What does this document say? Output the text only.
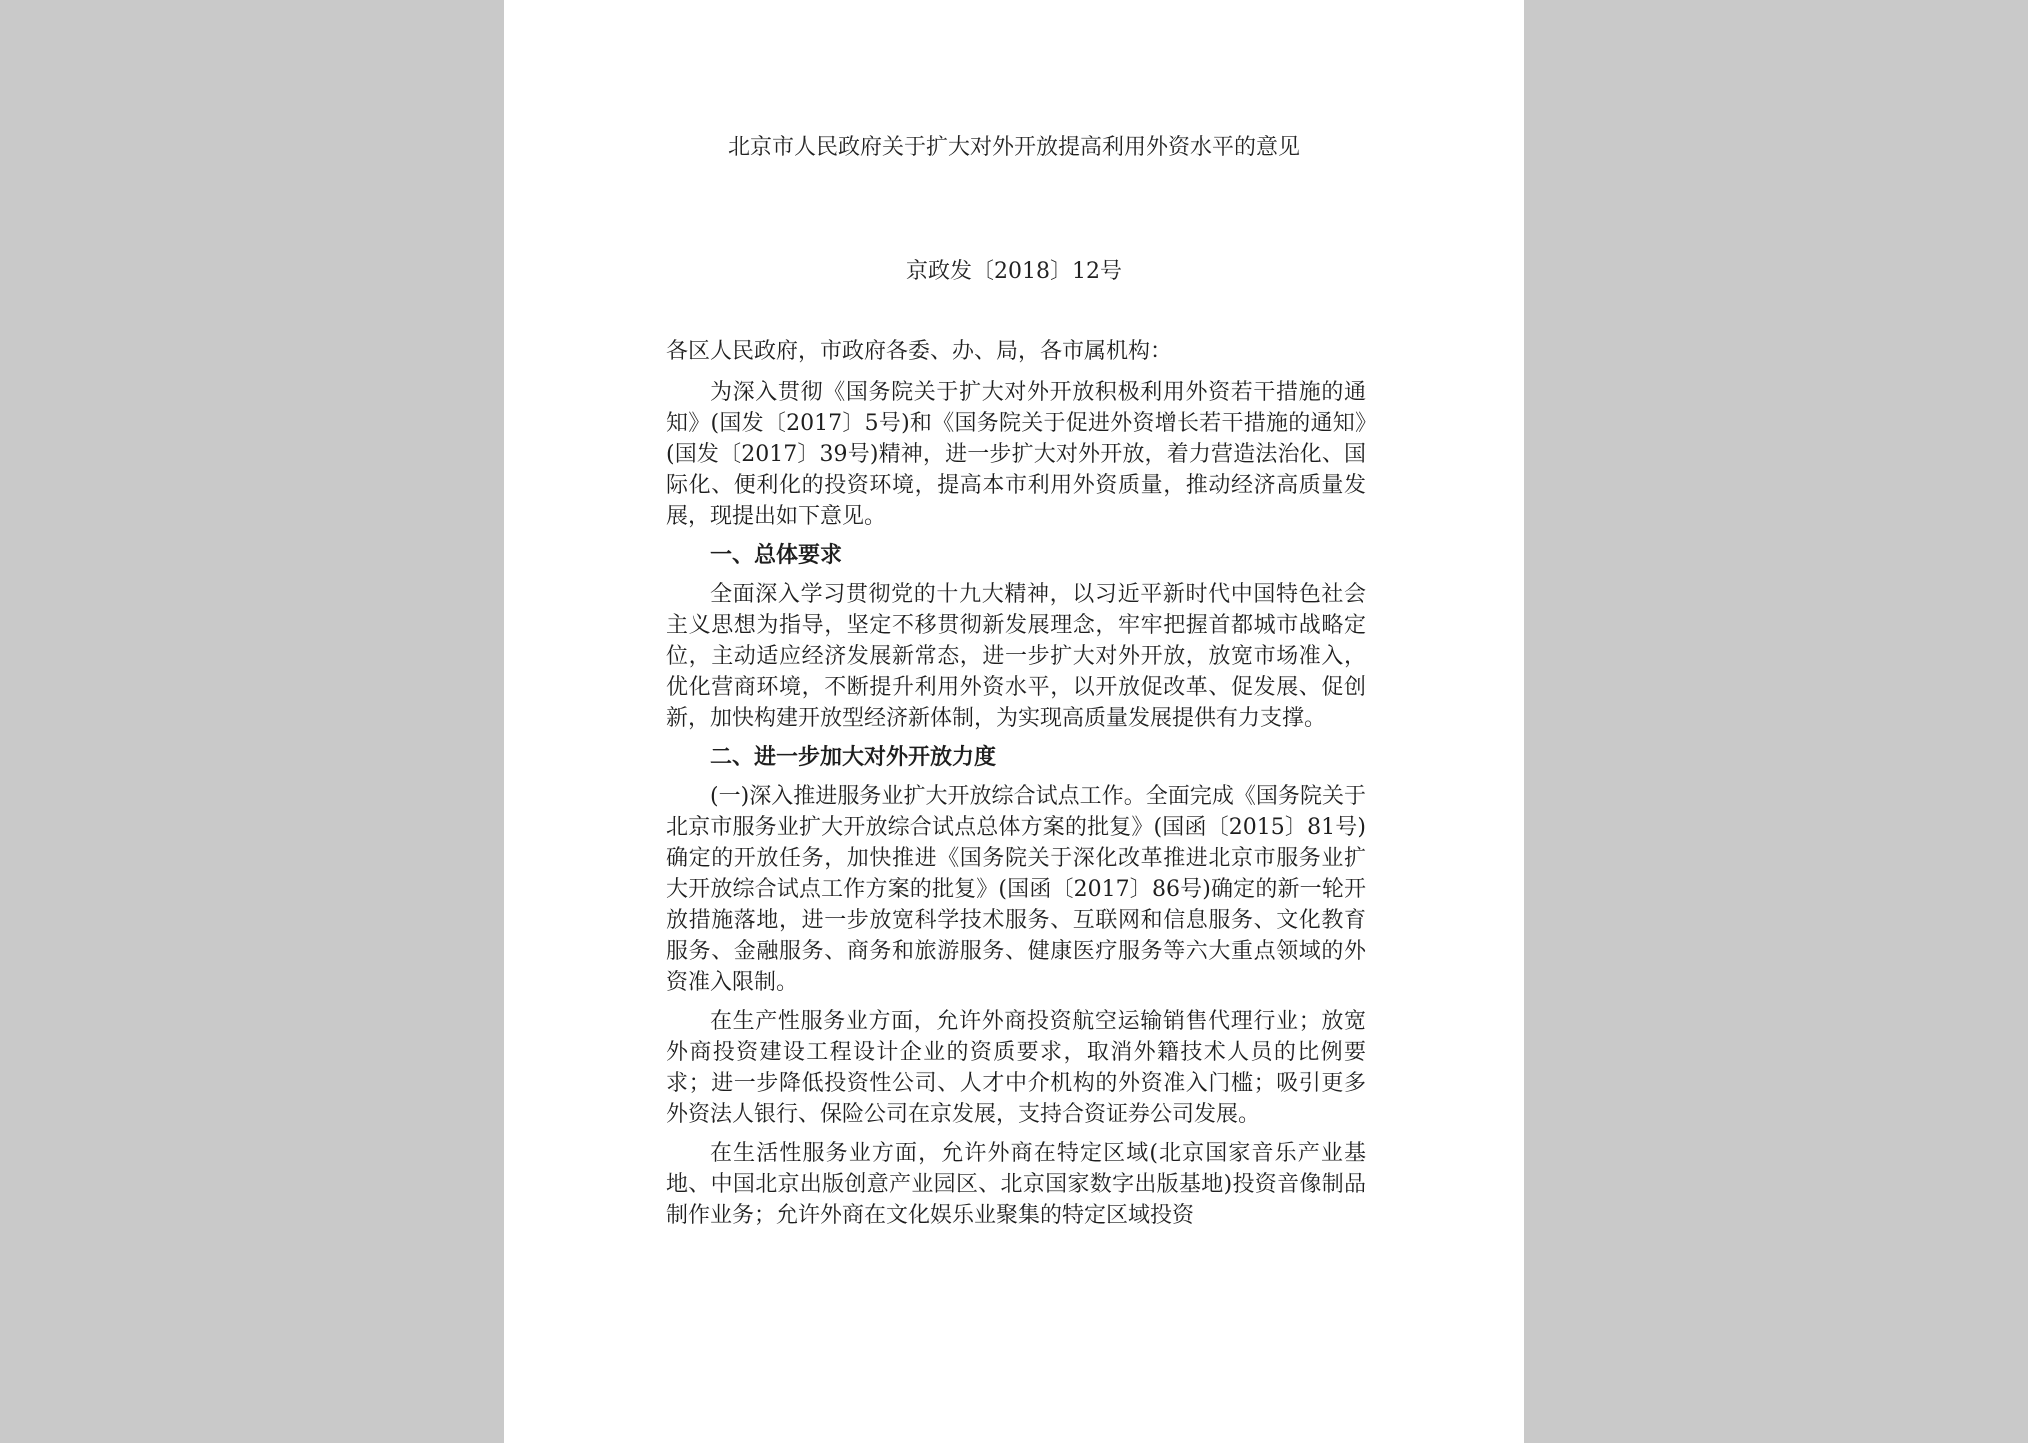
北京市人民政府关于扩大对外开放提高利用外资水平的意见
京政发〔2018〕12号

各区人民政府，市政府各委、办、局，各市属机构：

为深入贯彻《国务院关于扩大对外开放积极利用外资若干措施的通知》(国发〔2017〕5号)和《国务院关于促进外资增长若干措施的通知》(国发〔2017〕39号)精神，进一步扩大对外开放，着力营造法治化、国际化、便利化的投资环境，提高本市利用外资质量，推动经济高质量发展，现提出如下意见。

一、总体要求

全面深入学习贯彻党的十九大精神，以习近平新时代中国特色社会主义思想为指导，坚定不移贯彻新发展理念，牢牢把握首都城市战略定位，主动适应经济发展新常态，进一步扩大对外开放，放宽市场准入，优化营商环境，不断提升利用外资水平，以开放促改革、促发展、促创新，加快构建开放型经济新体制，为实现高质量发展提供有力支撑。

二、进一步加大对外开放力度

(一)深入推进服务业扩大开放综合试点工作。全面完成《国务院关于北京市服务业扩大开放综合试点总体方案的批复》(国函〔2015〕81号)确定的开放任务，加快推进《国务院关于深化改革推进北京市服务业扩大开放综合试点工作方案的批复》(国函〔2017〕86号)确定的新一轮开放措施落地，进一步放宽科学技术服务、互联网和信息服务、文化教育服务、金融服务、商务和旅游服务、健康医疗服务等六大重点领域的外资准入限制。

在生产性服务业方面，允许外商投资航空运输销售代理行业；放宽外商投资建设工程设计企业的资质要求，取消外籍技术人员的比例要求；进一步降低投资性公司、人才中介机构的外资准入门槛；吸引更多外资法人银行、保险公司在京发展，支持合资证券公司发展。

在生活性服务业方面，允许外商在特定区域(北京国家音乐产业基地、中国北京出版创意产业园区、北京国家数字出版基地)投资音像制品制作业务；允许外商在文化娱乐业聚集的特定区域投资
